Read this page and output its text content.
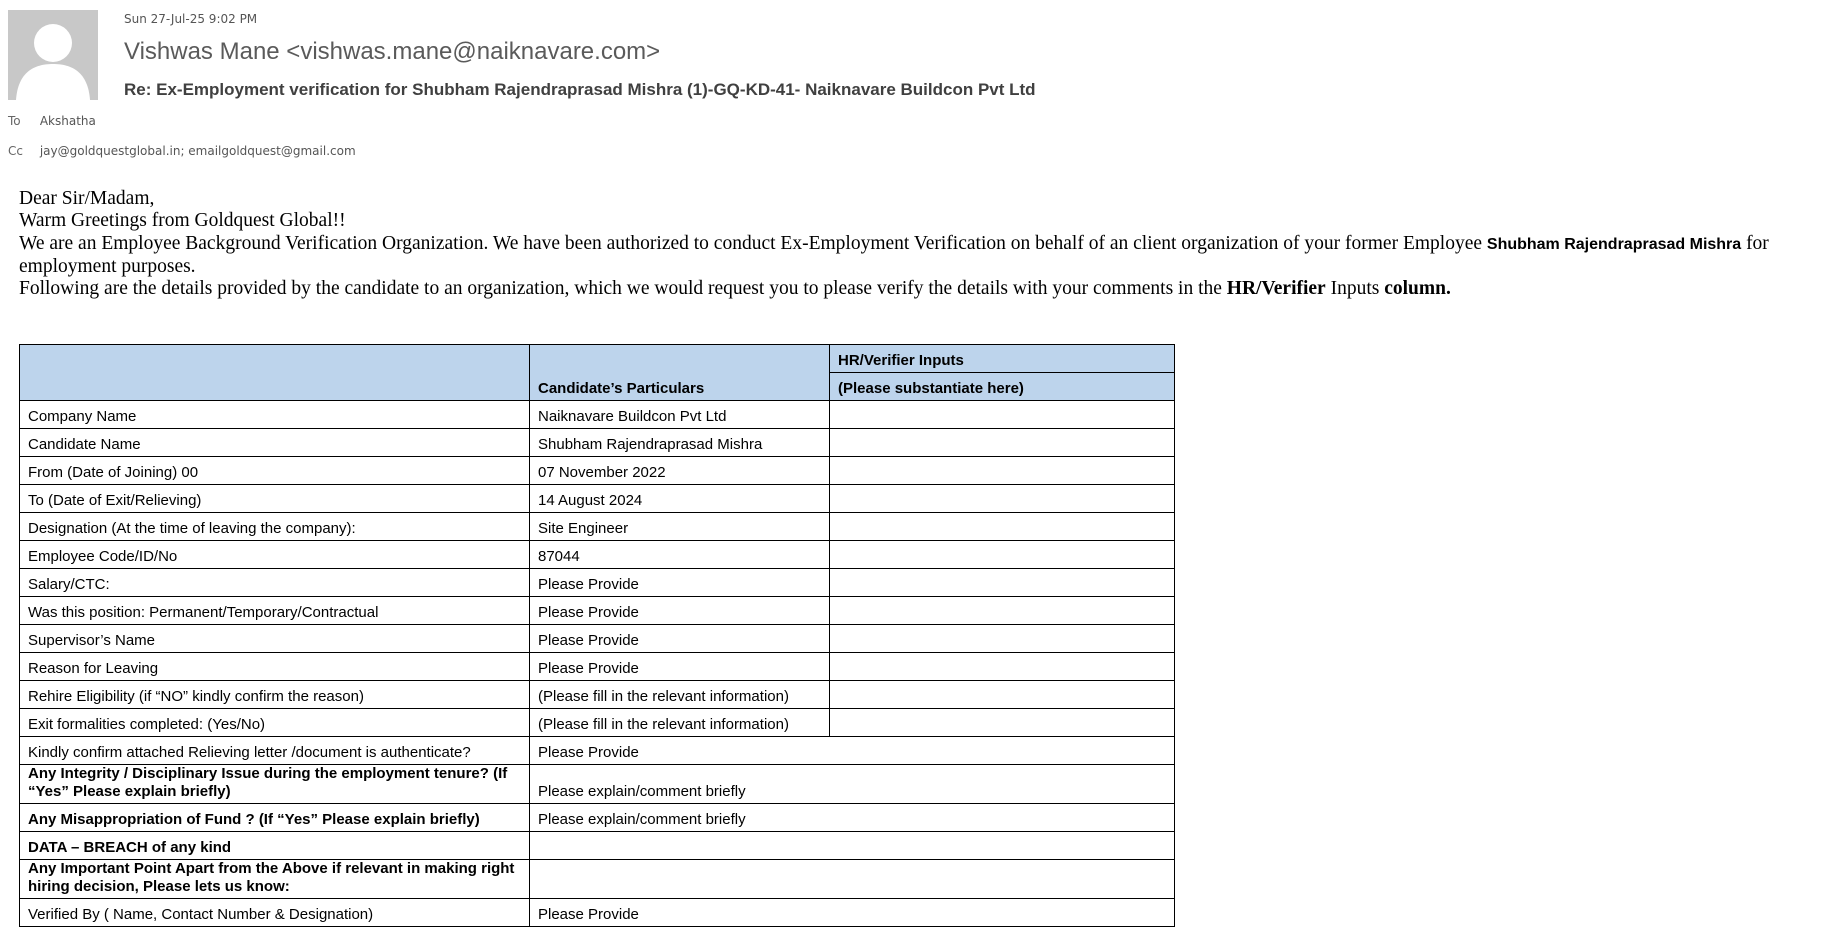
Sun 27-Jul-25 9:02 PM
Vishwas Mane <vishwas.mane@naiknavare.com>
Re: Ex-Employment verification for Shubham Rajendraprasad Mishra (1)-GQ-KD-41- Naiknavare Buildcon Pvt Ltd
To Akshatha
Cc jay@goldquestglobal.in; emailgoldquest@gmail.com

Dear Sir/Madam,

Warm Greetings from Goldquest Global!!

We are an Employee Background Verification Organization. We have been authorized to conduct Ex-Employment Verification on behalf of an client organization of your former Employee Shubham Rajendraprasad Mishra for employment purposes.

Following are the details provided by the candidate to an organization, which we would request you to please verify the details with your comments in the HR/Verifier Inputs column.

	Candidate’s Particulars	HR/Verifier Inputs
		(Please substantiate here)
Company Name	Naiknavare Buildcon Pvt Ltd	
Candidate Name	Shubham Rajendraprasad Mishra	
From (Date of Joining) 00	07 November 2022	
To (Date of Exit/Relieving)	14 August 2024	
Designation (At the time of leaving the company):	Site Engineer	
Employee Code/ID/No	87044	
Salary/CTC:	Please Provide	
Was this position: Permanent/Temporary/Contractual	Please Provide	
Supervisor’s Name	Please Provide	
Reason for Leaving	Please Provide	
Rehire Eligibility (if “NO” kindly confirm the reason)	(Please fill in the relevant information)	
Exit formalities completed: (Yes/No)	(Please fill in the relevant information)	
Kindly confirm attached Relieving letter /document is authenticate?	Please Provide	
Any Integrity / Disciplinary Issue during the employment tenure? (If “Yes” Please explain briefly)	Please explain/comment briefly	
Any Misappropriation of Fund ? (If “Yes” Please explain briefly)	Please explain/comment briefly	
DATA – BREACH of any kind		
Any Important Point Apart from the Above if relevant in making right hiring decision, Please lets us know:		
Verified By ( Name, Contact Number & Designation)	Please Provide	
